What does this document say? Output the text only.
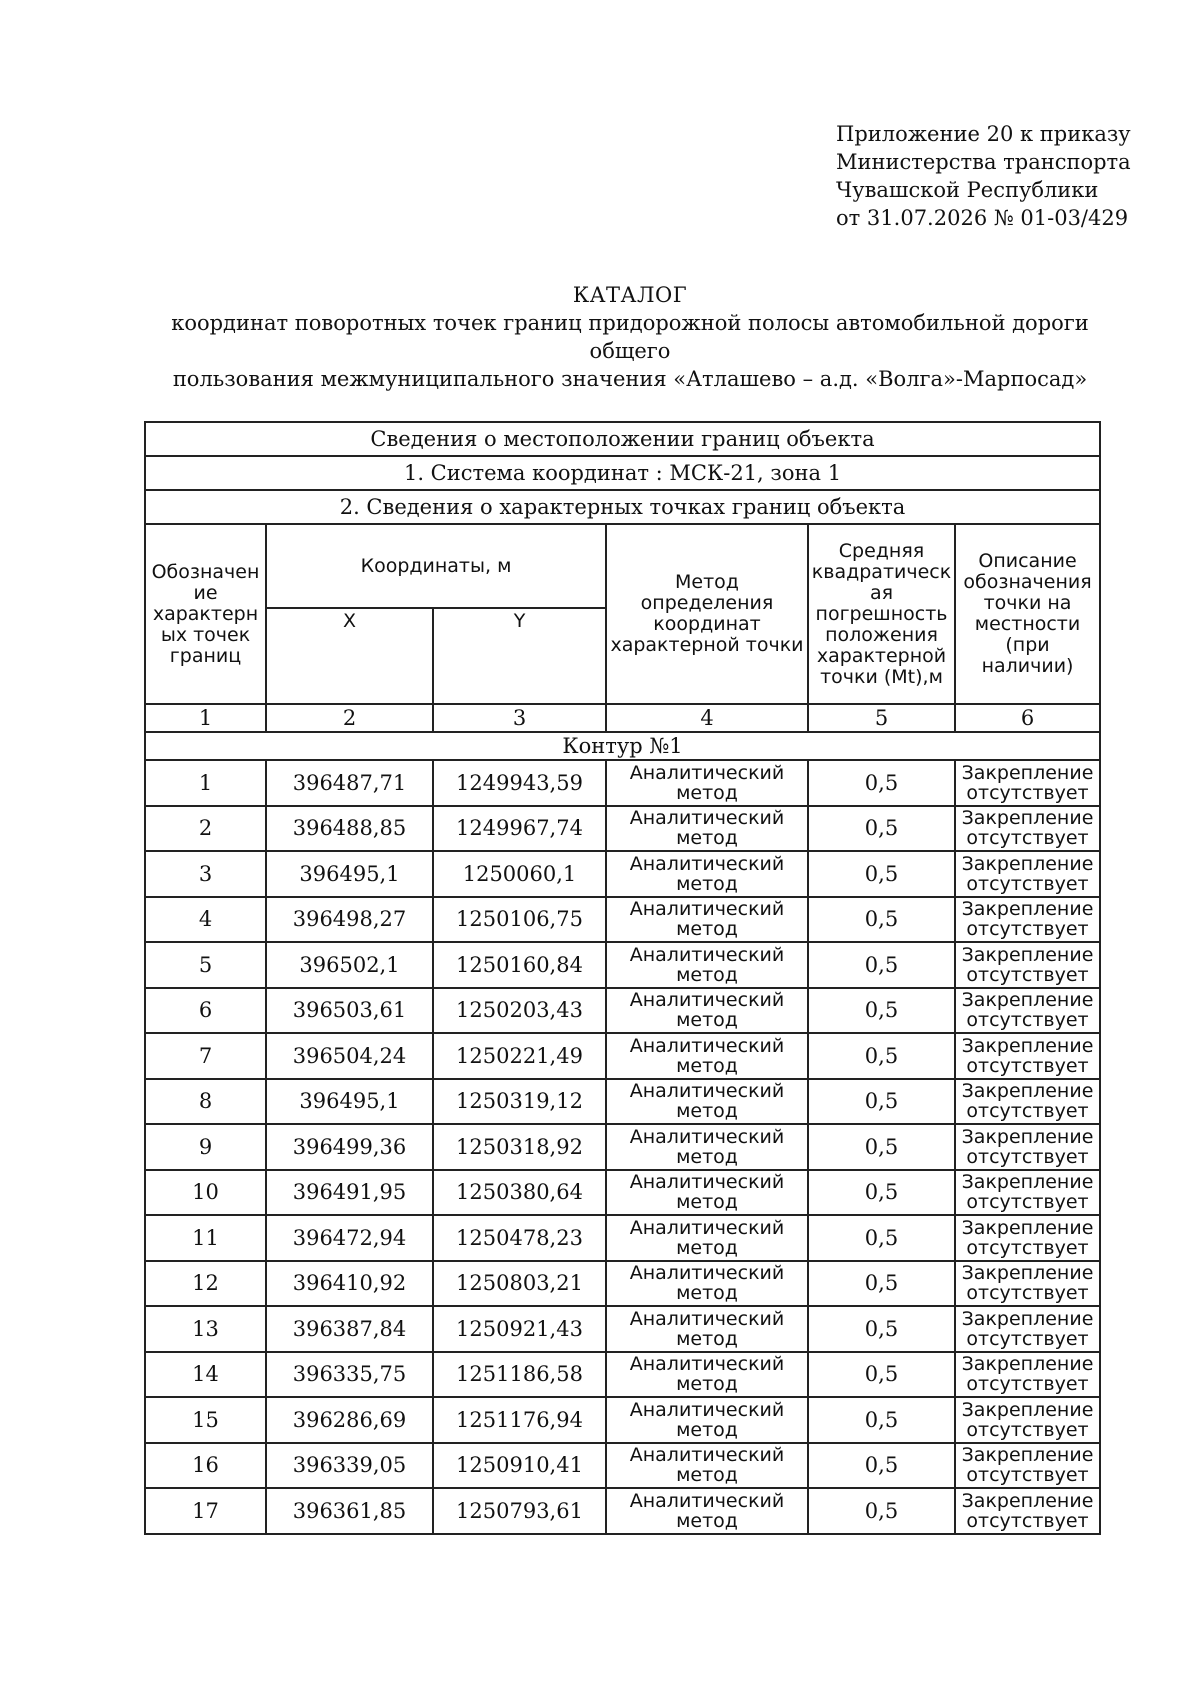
Приложение 20 к приказу
Министерства транспорта
Чувашской Республики
от 31.07.2026 № 01-03/429
КАТАЛОГ
координат поворотных точек границ придорожной полосы автомобильной дороги общего
пользования межмуниципального значения «Атлашево – а.д. «Волга»-Марпосад»
Сведения о местоположении границ объекта					
1. Система координат : МСК-21, зона 1					
2. Сведения о характерных точках границ объекта					
Обозначен ие характерн ых точек границ	Координаты, м		Метод определения координат характерной точки	Средняя квадратическ ая погрешность положения характерной точки (Mt),м	Описание обозначения точки на местности (при наличии)
	X	Y			
1	2	3	4	5	6
Контур №1					
1	396487,71	1249943,59	Аналитический метод	0,5	Закрепление отсутствует
2	396488,85	1249967,74	Аналитический метод	0,5	Закрепление отсутствует
3	396495,1	1250060,1	Аналитический метод	0,5	Закрепление отсутствует
4	396498,27	1250106,75	Аналитический метод	0,5	Закрепление отсутствует
5	396502,1	1250160,84	Аналитический метод	0,5	Закрепление отсутствует
6	396503,61	1250203,43	Аналитический метод	0,5	Закрепление отсутствует
7	396504,24	1250221,49	Аналитический метод	0,5	Закрепление отсутствует
8	396495,1	1250319,12	Аналитический метод	0,5	Закрепление отсутствует
9	396499,36	1250318,92	Аналитический метод	0,5	Закрепление отсутствует
10	396491,95	1250380,64	Аналитический метод	0,5	Закрепление отсутствует
11	396472,94	1250478,23	Аналитический метод	0,5	Закрепление отсутствует
12	396410,92	1250803,21	Аналитический метод	0,5	Закрепление отсутствует
13	396387,84	1250921,43	Аналитический метод	0,5	Закрепление отсутствует
14	396335,75	1251186,58	Аналитический метод	0,5	Закрепление отсутствует
15	396286,69	1251176,94	Аналитический метод	0,5	Закрепление отсутствует
16	396339,05	1250910,41	Аналитический метод	0,5	Закрепление отсутствует
17	396361,85	1250793,61	Аналитический метод	0,5	Закрепление отсутствует
